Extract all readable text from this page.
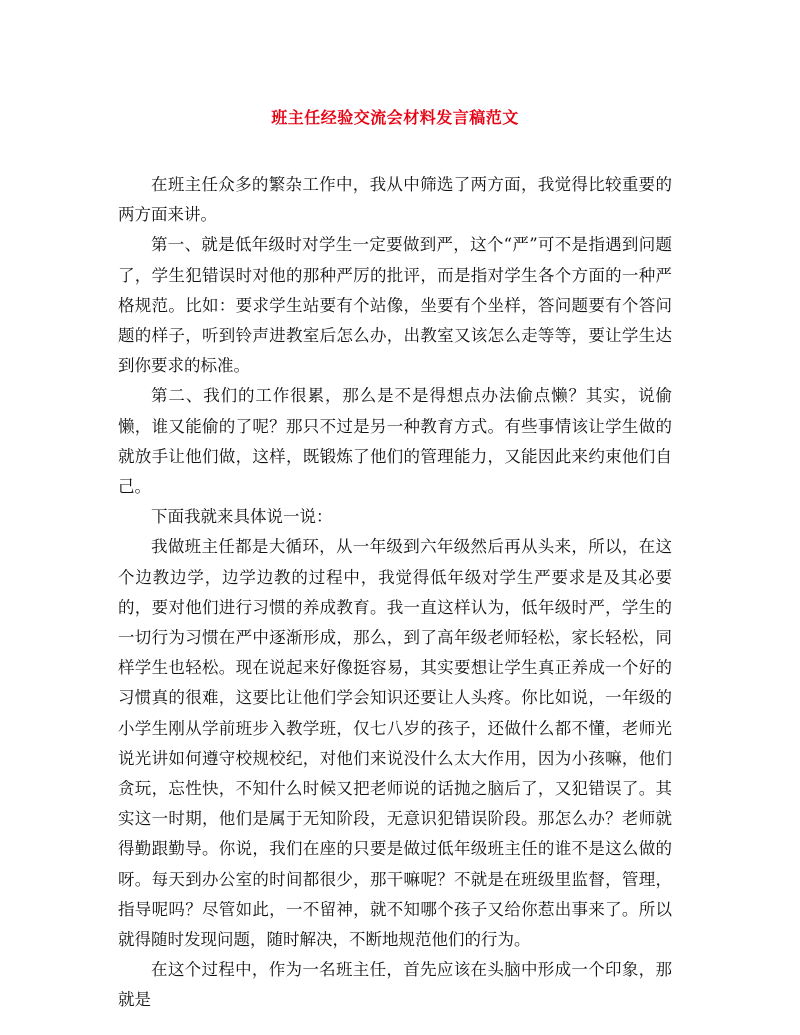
班主任经验交流会材料发言稿范文

在班主任众多的繁杂工作中，我从中筛选了两方面，我觉得比较重要的两方面来讲。

第一、就是低年级时对学生一定要做到严，这个“严”可不是指遇到问题了，学生犯错误时对他的那种严厉的批评，而是指对学生各个方面的一种严格规范。比如：要求学生站要有个站像，坐要有个坐样，答问题要有个答问题的样子，听到铃声进教室后怎么办，出教室又该怎么走等等，要让学生达到你要求的标准。

第二、我们的工作很累，那么是不是得想点办法偷点懒？其实，说偷懒，谁又能偷的了呢？那只不过是另一种教育方式。有些事情该让学生做的就放手让他们做，这样，既锻炼了他们的管理能力，又能因此来约束他们自己。

下面我就来具体说一说：

我做班主任都是大循环，从一年级到六年级然后再从头来，所以，在这个边教边学，边学边教的过程中，我觉得低年级对学生严要求是及其必要的，要对他们进行习惯的养成教育。我一直这样认为，低年级时严，学生的一切行为习惯在严中逐渐形成，那么，到了高年级老师轻松，家长轻松，同样学生也轻松。现在说起来好像挺容易，其实要想让学生真正养成一个好的习惯真的很难，这要比让他们学会知识还要让人头疼。你比如说，一年级的小学生刚从学前班步入教学班，仅七八岁的孩子，还做什么都不懂，老师光说光讲如何遵守校规校纪，对他们来说没什么太大作用，因为小孩嘛，他们贪玩，忘性快，不知什么时候又把老师说的话抛之脑后了，又犯错误了。其实这一时期，他们是属于无知阶段，无意识犯错误阶段。那怎么办？老师就得勤跟勤导。你说，我们在座的只要是做过低年级班主任的谁不是这么做的呀。每天到办公室的时间都很少，那干嘛呢？不就是在班级里监督，管理，指导呢吗？尽管如此，一不留神，就不知哪个孩子又给你惹出事来了。所以就得随时发现问题，随时解决，不断地规范他们的行为。

在这个过程中，作为一名班主任，首先应该在头脑中形成一个印象，那就是
